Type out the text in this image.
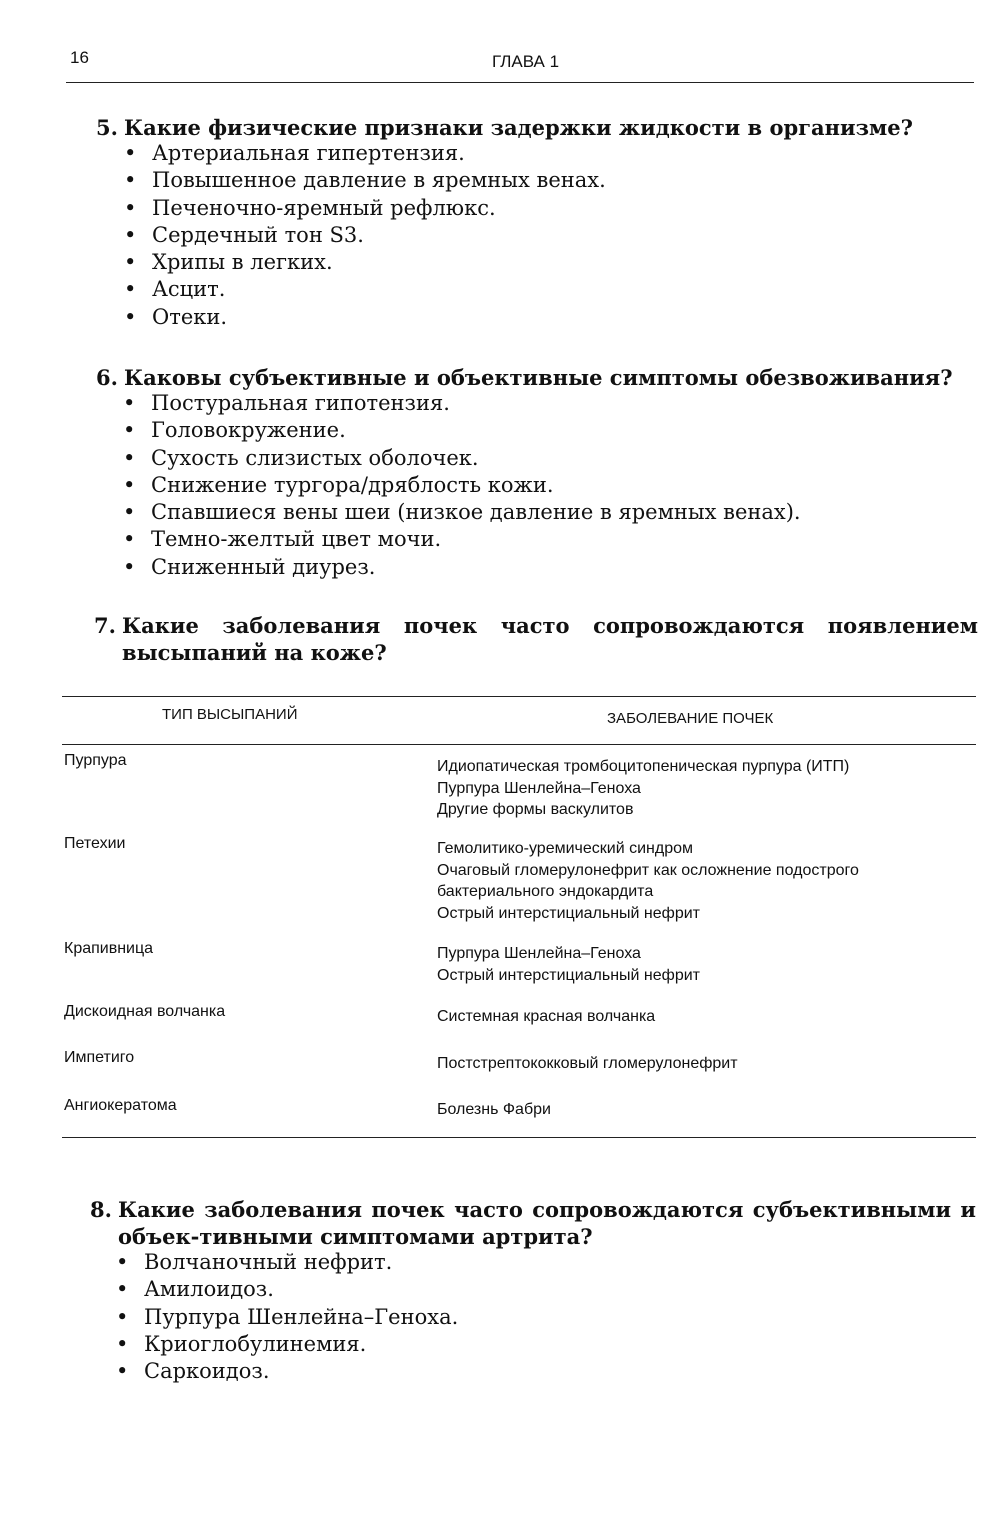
16	ГЛАВА 1
5. Какие физические признаки задержки жидкости в организме?
• Артериальная гипертензия.
• Повышенное давление в яремных венах.
• Печеночно-яремный рефлюкс.
• Сердечный тон S3.
• Хрипы в легких.
• Асцит.
• Отеки.
6. Каковы субъективные и объективные симптомы обезвоживания?
• Постуральная гипотензия.
• Головокружение.
• Сухость слизистых оболочек.
• Снижение тургора/дряблость кожи.
• Спавшиеся вены шеи (низкое давление в яремных венах).
• Темно-желтый цвет мочи.
• Сниженный диурез.
7. Какие заболевания почек часто сопровождаются появлением высыпаний на коже?
ТИП ВЫСЫПАНИЙ	ЗАБОЛЕВАНИЕ ПОЧЕК
Пурпура	Идиопатическая тромбоцитопеническая пурпура (ИТП)
Пурпура Шенлейна–Геноха
Другие формы васкулитов
Петехии	Гемолитико-уремический синдром
Очаговый гломерулонефрит как осложнение подострого
бактериального эндокардита
Острый интерстициальный нефрит
Крапивница	Пурпура Шенлейна–Геноха
Острый интерстициальный нефрит
Дискоидная волчанка	Системная красная волчанка
Импетиго	Постстрептококковый гломерулонефрит
Ангиокератома	Болезнь Фабри
8. Какие заболевания почек часто сопровождаются субъективными и объек-тивными симптомами артрита?
• Волчаночный нефрит.
• Амилоидоз.
• Пурпура Шенлейна–Геноха.
• Криоглобулинемия.
• Саркоидоз.
